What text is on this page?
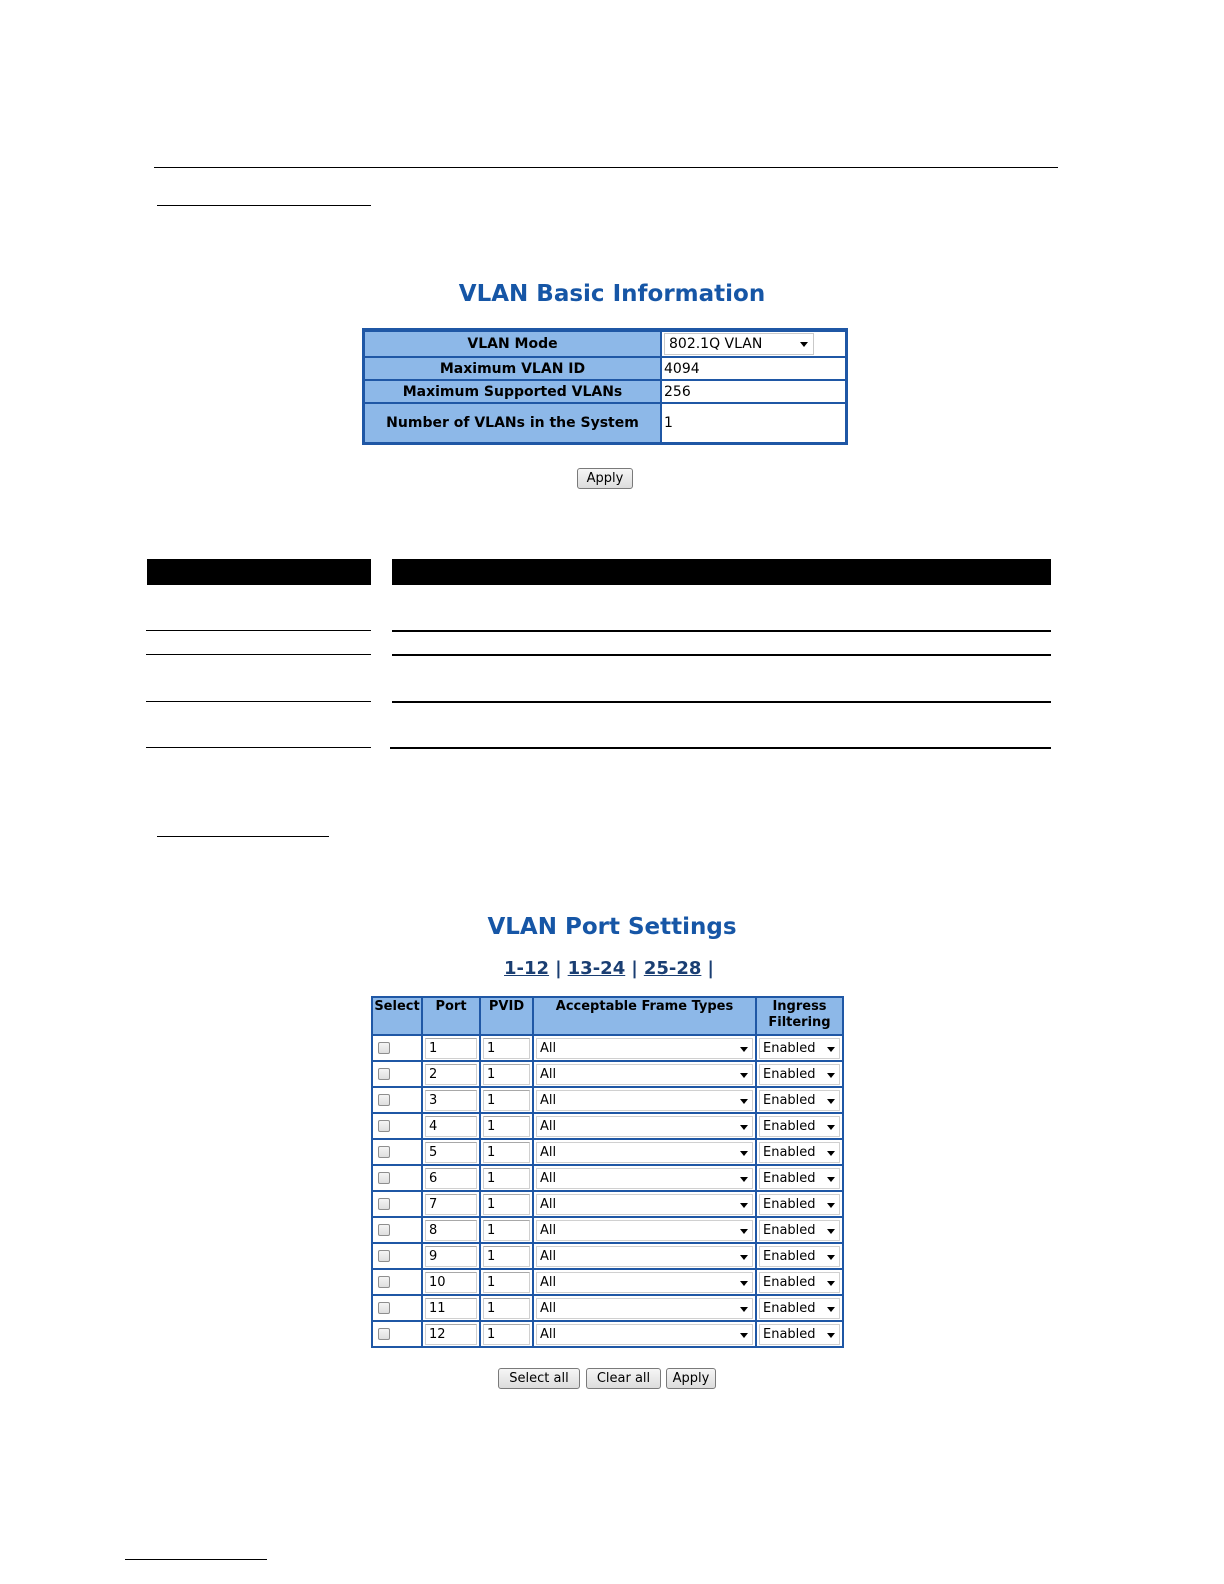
VLAN Basic Information
VLAN Mode	802.1Q VLAN

Maximum VLAN ID	4094
Maximum Supported VLANs	256
Number of VLANs in the System	1
Apply
VLAN Port Settings
1-12 | 13-24 | 25-28 |
Select	Port	PVID	Acceptable Frame Types	Ingress Filtering

	1	1	All	Enabled

	2	1	All	Enabled

	3	1	All	Enabled

	4	1	All	Enabled

	5	1	All	Enabled

	6	1	All	Enabled

	7	1	All	Enabled

	8	1	All	Enabled

	9	1	All	Enabled

	10	1	All	Enabled

	11	1	All	Enabled

	12	1	All	Enabled
Select all	Clear all	Apply
